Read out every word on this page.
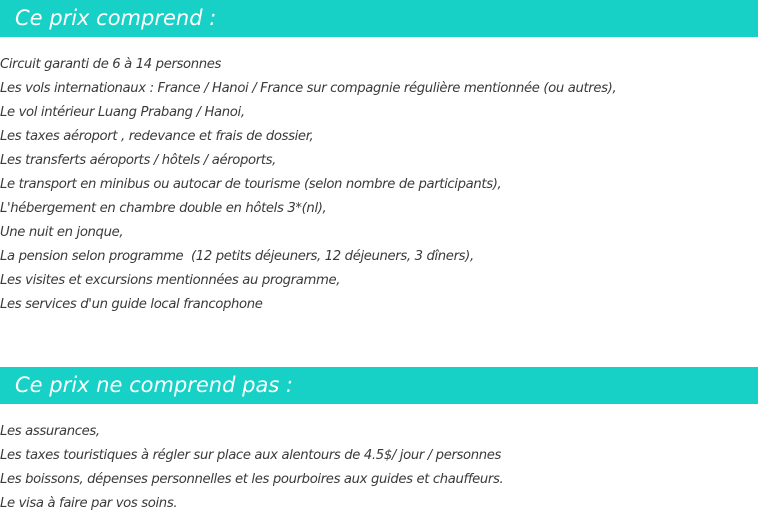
Ce prix comprend :
Circuit garanti de 6 à 14 personnes
Les vols internationaux : France / Hanoi / France sur compagnie régulière mentionnée (ou autres),
Le vol intérieur Luang Prabang / Hanoi,
Les taxes aéroport , redevance et frais de dossier,
Les transferts aéroports / hôtels / aéroports,
Le transport en minibus ou autocar de tourisme (selon nombre de participants),
L'hébergement en chambre double en hôtels 3*(nl),
Une nuit en jonque,
La pension selon programme  (12 petits déjeuners, 12 déjeuners, 3 dîners),
Les visites et excursions mentionnées au programme,
Les services d'un guide local francophone
Ce prix ne comprend pas :
Les assurances,
Les taxes touristiques à régler sur place aux alentours de 4.5$/ jour / personnes
Les boissons, dépenses personnelles et les pourboires aux guides et chauffeurs.
Le visa à faire par vos soins.
